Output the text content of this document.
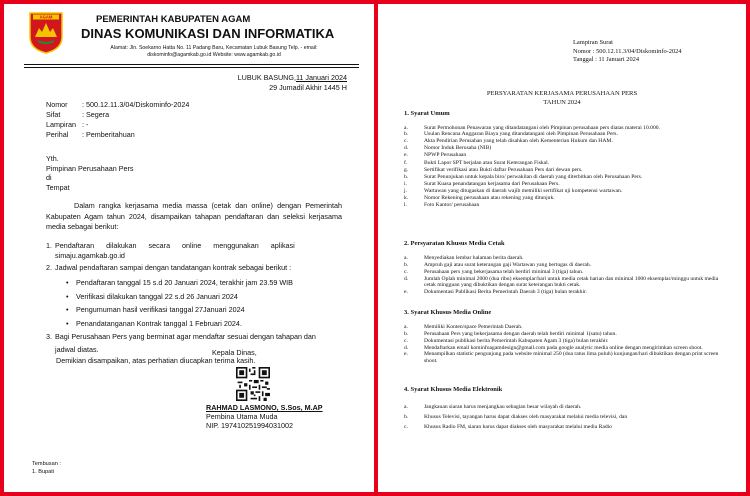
AGAM	PEMERINTAH KABUPATEN AGAM
DINAS KOMUNIKASI DAN INFORMATIKA
Alamat: Jln. Soekarno Hatta No. 11 Padang Baru, Kecamatan Lubuk Basung Telp. - email:
diskominfo@agamkab.go.id Website: www.agamkab.go.id
LUBUK BASUNG,11 Januari 2024
29 Jumadil Akhir 1445 H
Nomor	: 500.12.11.3/04/Diskominfo-2024
Sifat	: Segera
Lampiran	: -
Perihal	: Pemberitahuan
Yth.
Pimpinan Perusahaan Pers
di
Tempat
Dalam rangka kerjasama media massa (cetak dan online) dengan Pemerintah Kabupaten Agam tahun 2024, disampaikan tahapan pendaftaran dan seleksi kerjasama media sebagai berikut:
1. Pendaftaran      dilakukan      secara      online      menggunakan      aplikasi
simaju.agamkab.go.id
2. Jadwal pendaftaran sampai dengan tandatangan kontrak sebagai berikut :
• Pendaftaran tanggal 15 s.d 20 Januari 2024, terakhir jam 23.59 WIB
• Verifikasi dilakukan tanggal 22 s.d 26 Januari 2024
• Pengumuman hasil verifikasi tanggal 27Januari 2024
• Penandatanganan Kontrak tanggal 1 Februari 2024.
3. Bagi Perusahaan Pers yang berminat agar mendaftar sesuai dengan tahapan dan
jadwal diatas.
Demikian disampaikan, atas perhatian diucapkan terima kasih.
Kepala Dinas,
RAHMAD LASMONO, S.Sos, M.AP
Pembina Utama Muda
NIP. 197410251994031002
Tembusan :
1. Bupati
Lampiran Surat
Nomor : 500.12.11.3/04/Diskominfo-2024
Tanggal : 11 Januari 2024
PERSYARATAN KERJASAMA PERUSAHAAN PERS
TAHUN 2024
1. Syarat Umum
a.	Surat Permohonan Penawaran yang ditandatangani oleh Pimpinan perusahaan pers diatas materai 10.000.
b.	Usulan Rencana Anggaran Biaya yang ditandatangani oleh Pimpinan Perusahaan Pers.
c.	Akta Pendirian Perusahan yang telah disahkan oleh Kementerian Hukum dan HAM.
d.	Nomor Induk Berusaha (NIB)
e.	NPWP Perusahaan
f.	Bukti Lapor SPT berjalan atau Surat Keterangan Fiskal.
g.	Sertifikat verifikasi atau Bukti daftar Perusahaan Pers dari dewan pers.
h.	Surat Penunjukan untuk kepala biro/ perwakilan di daerah yang diterbitkan oleh Perusahaan Pers.
i.	Surat Kuasa penandatangan kerjasama dari Perusahaan Pers.
j.	Wartawan yang ditugaskan di daerah wajib memiliki sertifikat uji kompetensi wartawan.
k.	Nomor Rekening perusahaan atau rekening yang ditunjuk.
l.	Foto Kantor/ perusahaan
2. Persyaratan Khusus Media Cetak
a.	Menyediakan lembar halaman berita daerah.
b.	Ampruh gaji atau surat keterangan gaji Wartawan yang bertugas di daerah.
c.	Perusahaan pers yang bekerjasama telah berdiri minimal 3 (tiga) tahun.
d.	Jumlah Oplah minimal 2000 (dua ribu) eksemplar/hari untuk media cetak harian dan minimal 1000 eksemplar/minggu untuk media cetak mingguan yang dibuktikan dengan surat keterangan bukti cetak.
e.	Dokumentasi Publikasi Berita Pemerintah Daerah 3 (tiga) bulan terakhir.
3. Syarat Khusus Media Online
a.	Memiliki Konten/space Pemerintah Daerah.
b.	Perusahaan Pers yang bekerjasama dengan daerah telah berdiri minimal 1(satu) tahun.
c.	Dokumentasi publikasi berita Pemerintah Kabupaten Agam 3 (tiga) bulan terakhir.
d.	Mendaftarkan email kominfoagamdesign@gmail.com pada google analytic media online dengan mengirimkan screen shoot.
e.	Menampilkan statistic pengunjung pada website minimal 250 (dua ratus lima puluh) kunjungan/hari dibuktikan dengan print screen shoot.
4. Syarat Khusus Media Elektronik
a.	Jangkauan siaran harus menjangkau sebagian besar wilayah di daerah.
b.	Khusus Televisi, tayangan harus dapat diakses oleh masyarakat melalui media televisi, dan
c.	Khusus Radio FM, siaran harus dapat diakses oleh masyarakat melalui media Radio
